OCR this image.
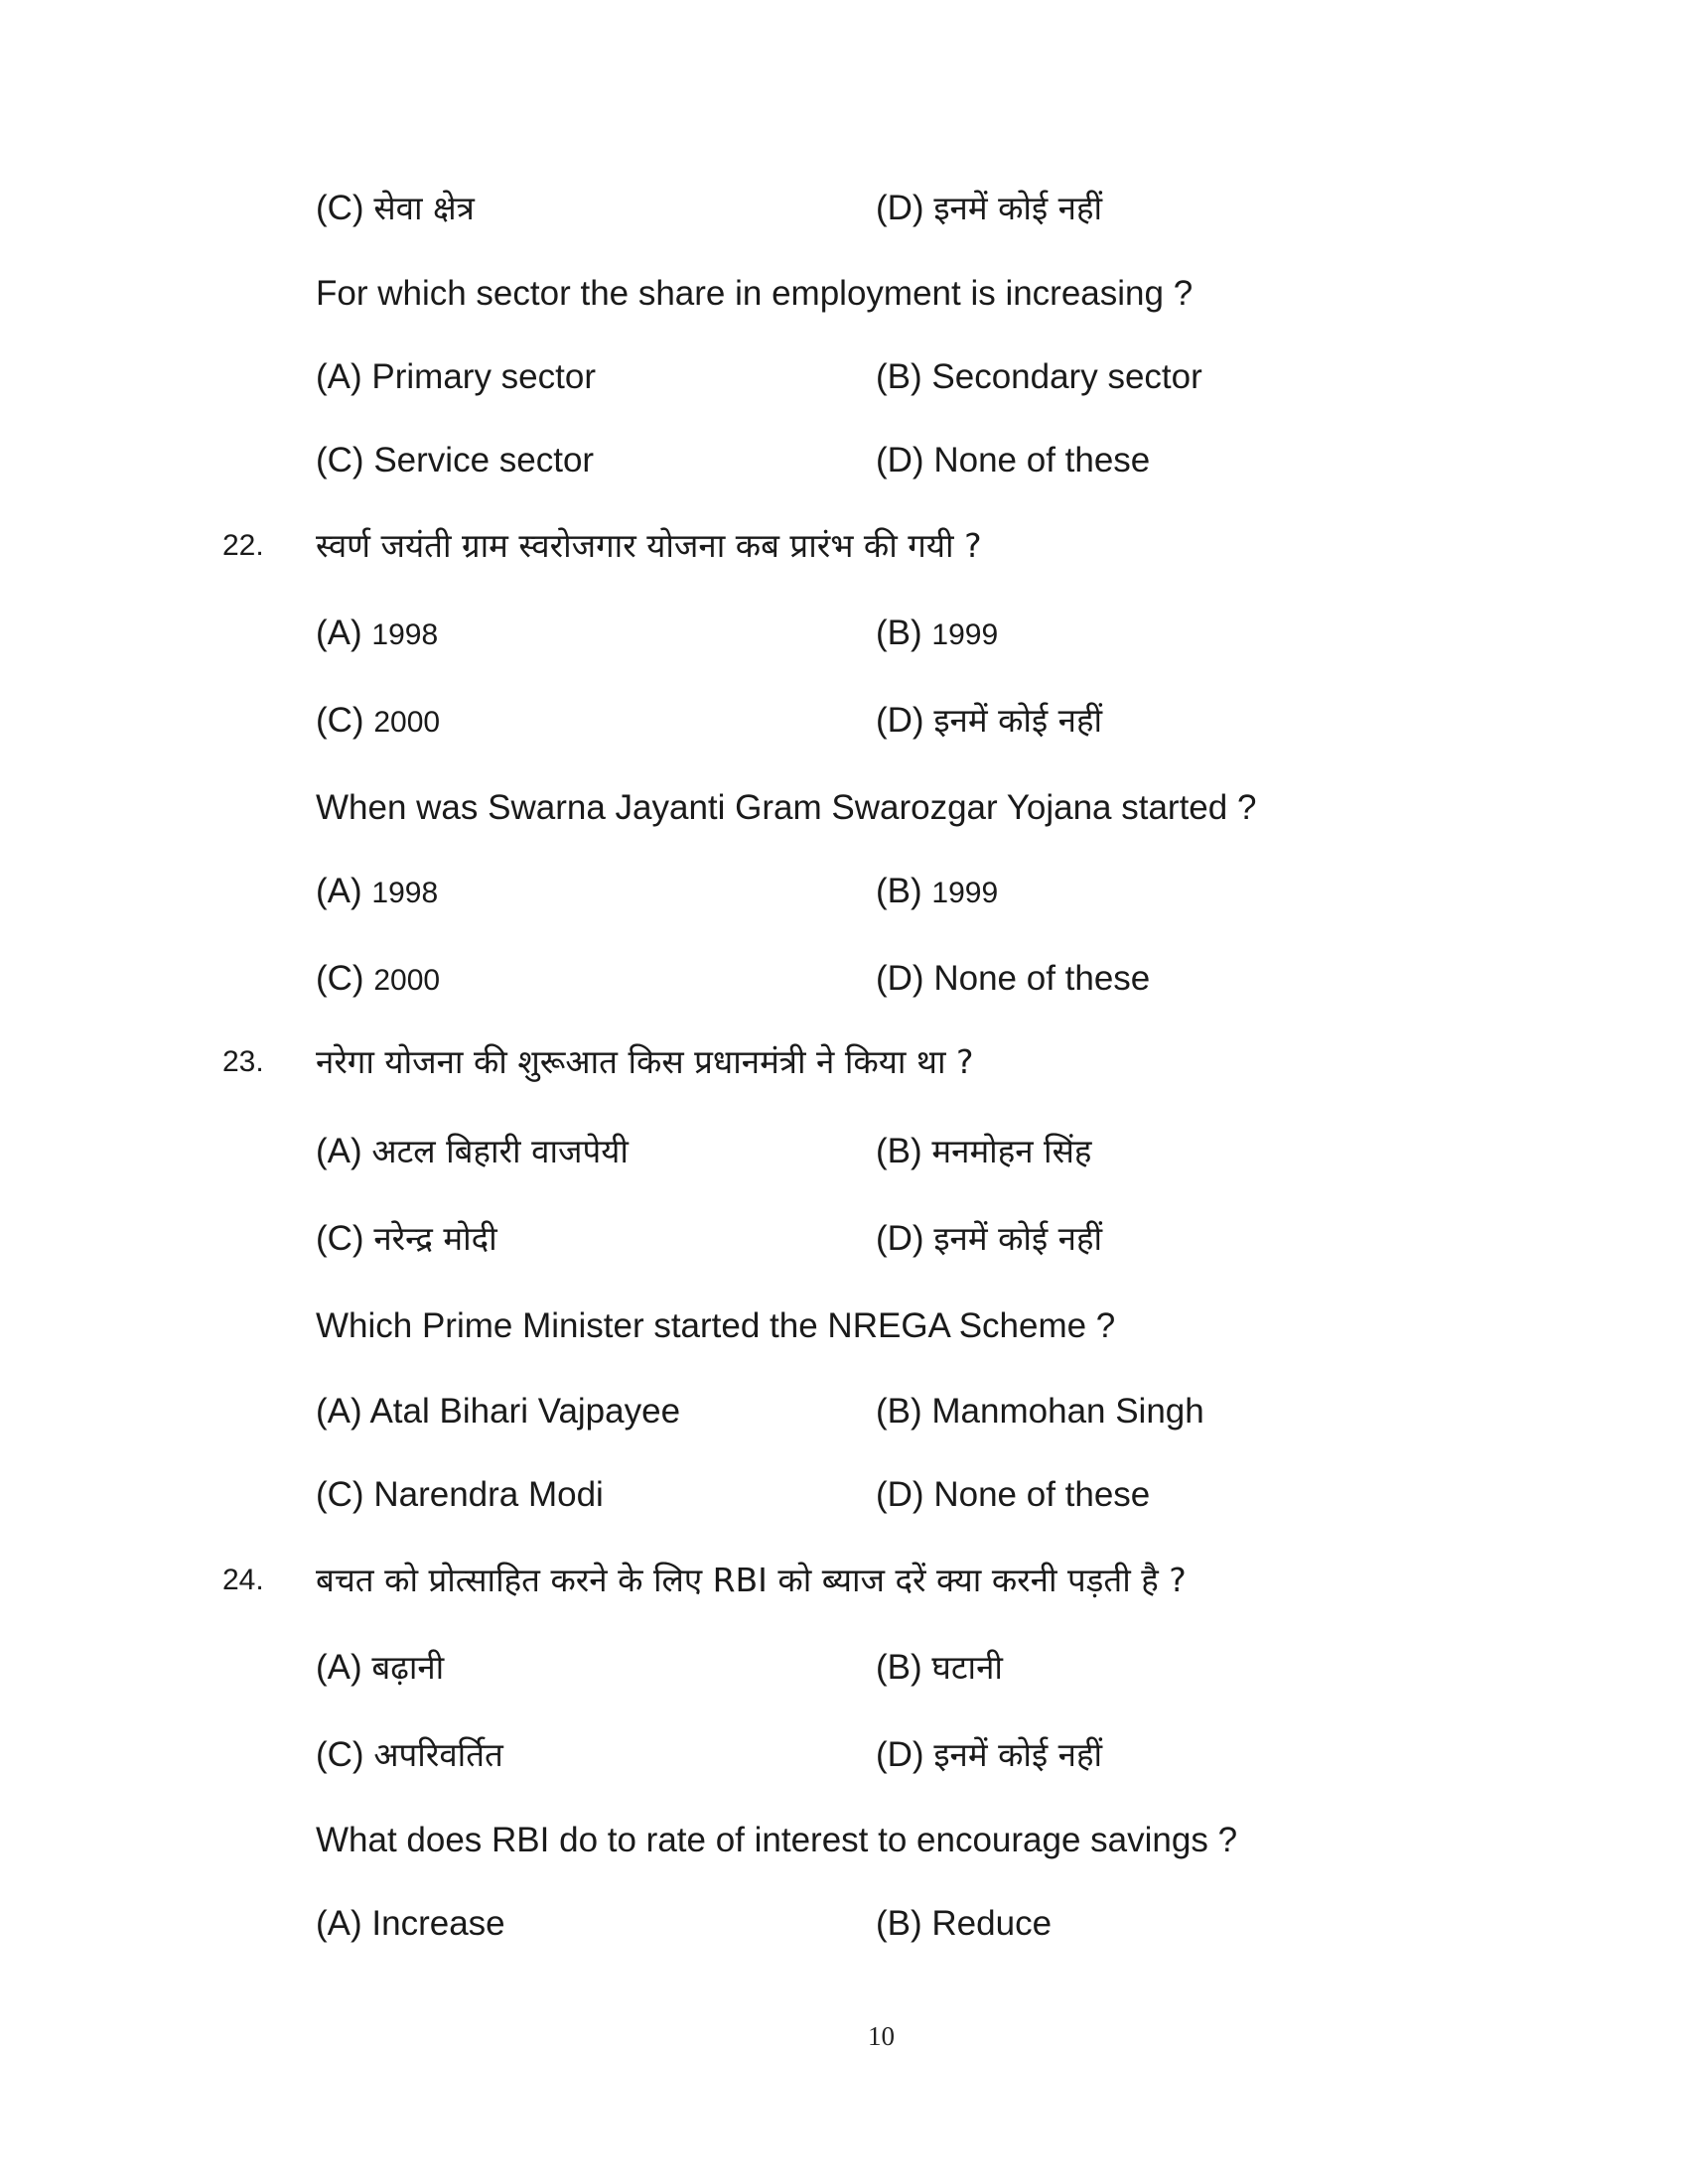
(C) सेवा क्षेत्र	(D) इनमें कोई नहीं
For which sector the share in employment is increasing ?
(A) Primary sector	(B) Secondary sector
(C) Service sector	(D) None of these
22. स्वर्ण जयंती ग्राम स्वरोजगार योजना कब प्रारंभ की गयी ?
(A) 1998	(B) 1999
(C) 2000	(D) इनमें कोई नहीं
When was Swarna Jayanti Gram Swarozgar Yojana started ?
(A) 1998	(B) 1999
(C) 2000	(D) None of these
23. नरेगा योजना की शुरूआत किस प्रधानमंत्री ने किया था ?
(A) अटल बिहारी वाजपेयी	(B) मनमोहन सिंह
(C) नरेन्द्र मोदी	(D) इनमें कोई नहीं
Which Prime Minister started the NREGA Scheme ?
(A) Atal Bihari Vajpayee	(B) Manmohan Singh
(C) Narendra Modi	(D) None of these
24. बचत को प्रोत्साहित करने के लिए RBI को ब्याज दरें क्या करनी पड़ती है ?
(A) बढ़ानी	(B) घटानी
(C) अपरिवर्तित	(D) इनमें कोई नहीं
What does RBI do to rate of interest to encourage savings ?
(A) Increase	(B) Reduce
10
